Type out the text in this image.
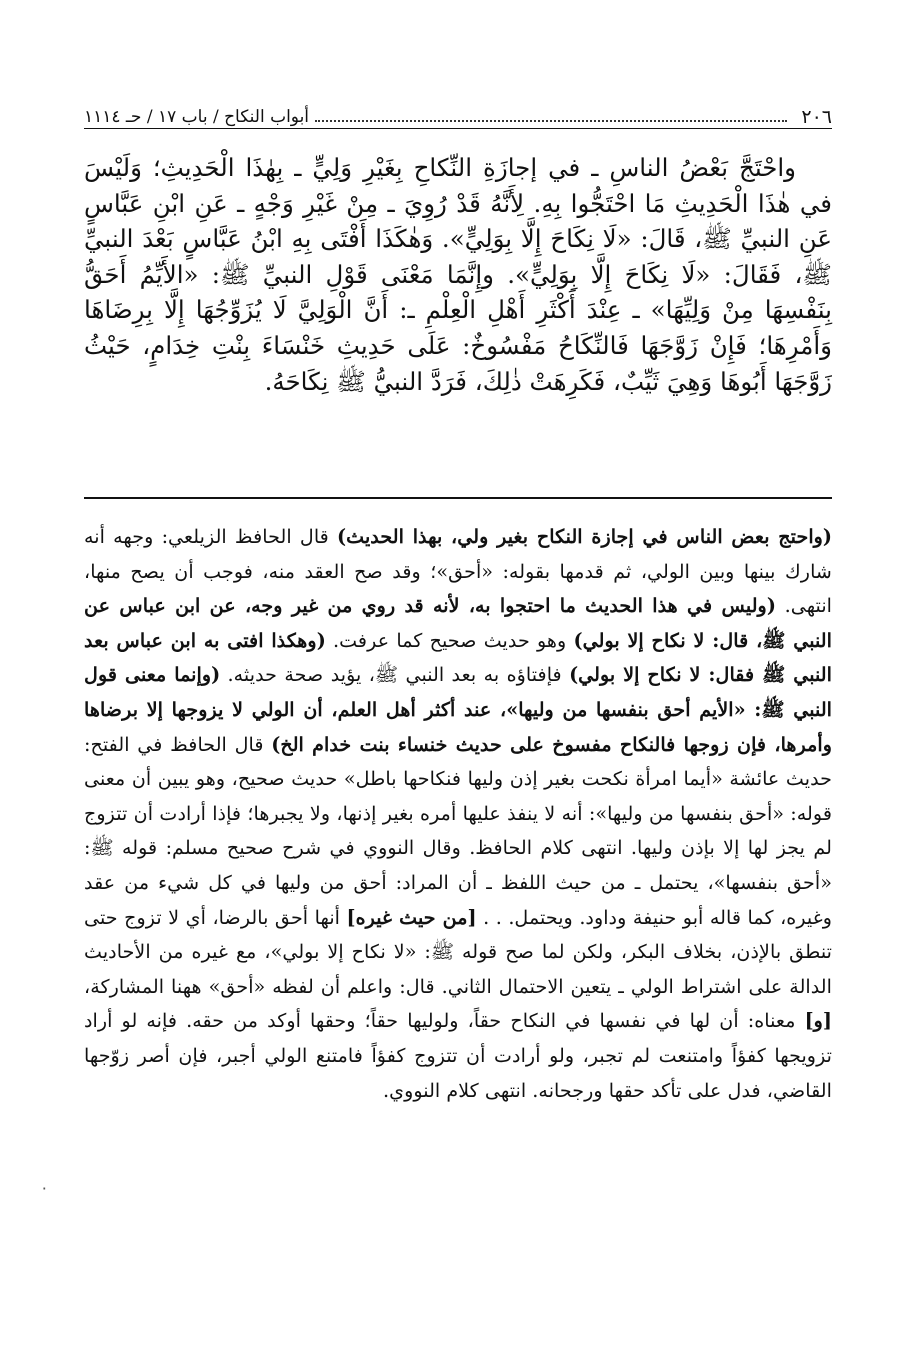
٢٠٦
أبواب النكاح / باب ١٧ / حـ ١١١٤

واحْتَجَّ بَعْضُ الناسِ ـ في إجازَةِ النِّكاحِ بِغَيْرِ وَلِيٍّ ـ بِهٰذَا الْحَدِيثِ؛ وَلَيْسَ في هٰذَا الْحَدِيثِ مَا احْتَجُّوا بِهِ. لِأَنَّهُ قَدْ رُوِيَ ـ مِنْ غَيْرِ وَجْهٍ ـ عَنِ ابْنِ عَبَّاسٍ عَنِ النبيِّ ﷺ، قَالَ: «لَا نِكَاحَ إِلَّا بِوَلِيٍّ». وَهٰكَذَا أَفْتَى بِهِ ابْنُ عَبَّاسٍ بَعْدَ النبيِّ ﷺ، فَقَالَ: «لَا نِكَاحَ إِلَّا بِوَلِيٍّ». وإِنَّمَا مَعْنَى قَوْلِ النبيِّ ﷺ: «الأَيِّمُ أَحَقُّ بِنَفْسِهَا مِنْ وَلِيِّهَا» ـ عِنْدَ أَكْثَرِ أَهْلِ الْعِلْمِ ـ: أَنَّ الْوَلِيَّ لَا يُزَوِّجُهَا إِلَّا بِرِضَاهَا وَأَمْرِهَا؛ فَإِنْ زَوَّجَهَا فَالنِّكَاحُ مَفْسُوخٌ: عَلَى حَدِيثِ خَنْسَاءَ بِنْتِ خِدَامٍ، حَيْثُ زَوَّجَهَا أَبُوهَا وَهِيَ ثَيِّبٌ، فَكَرِهَتْ ذٰلِكَ، فَرَدَّ النبيُّ ﷺ نِكَاحَهُ.

(واحتج بعض الناس في إجازة النكاح بغير ولي، بهذا الحديث) قال الحافظ الزيلعي: وجهه أنه شارك بينها وبين الولي، ثم قدمها بقوله: «أحق»؛ وقد صح العقد منه، فوجب أن يصح منها، انتهى. (وليس في هذا الحديث ما احتجوا به، لأنه قد روي من غير وجه، عن ابن عباس عن النبي ﷺ، قال: لا نكاح إلا بولي) وهو حديث صحيح كما عرفت. (وهكذا افتى به ابن عباس بعد النبي ﷺ فقال: لا نكاح إلا بولي) فإفتاؤه به بعد النبي ﷺ، يؤيد صحة حديثه. (وإنما معنى قول النبي ﷺ: «الأيم أحق بنفسها من وليها»، عند أكثر أهل العلم، أن الولي لا يزوجها إلا برضاها وأمرها، فإن زوجها فالنكاح مفسوخ على حديث خنساء بنت خدام الخ) قال الحافظ في الفتح: حديث عائشة «أيما امرأة نكحت بغير إذن وليها فنكاحها باطل» حديث صحيح، وهو يبين أن معنى قوله: «أحق بنفسها من وليها»: أنه لا ينفذ عليها أمره بغير إذنها، ولا يجبرها؛ فإذا أرادت أن تتزوج لم يجز لها إلا بإذن وليها. انتهى كلام الحافظ. وقال النووي في شرح صحيح مسلم: قوله ﷺ: «أحق بنفسها»، يحتمل ـ من حيث اللفظ ـ أن المراد: أحق من وليها في كل شيء من عقد وغيره، كما قاله أبو حنيفة وداود. ويحتمل. . . [من حيث غيره] أنها أحق بالرضا، أي لا تزوج حتى تنطق بالإذن، بخلاف البكر، ولكن لما صح قوله ﷺ: «لا نكاح إلا بولي»، مع غيره من الأحاديث الدالة على اشتراط الولي ـ يتعين الاحتمال الثاني. قال: واعلم أن لفظه «أحق» ههنا المشاركة، [و] معناه: أن لها في نفسها في النكاح حقاً، ولوليها حقاً؛ وحقها أوكد من حقه. فإنه لو أراد تزويجها كفؤاً وامتنعت لم تجبر، ولو أرادت أن تتزوج كفؤاً فامتنع الولي أجبر، فإن أصر زوّجها القاضي، فدل على تأكد حقها ورجحانه. انتهى كلام النووي.

٠
